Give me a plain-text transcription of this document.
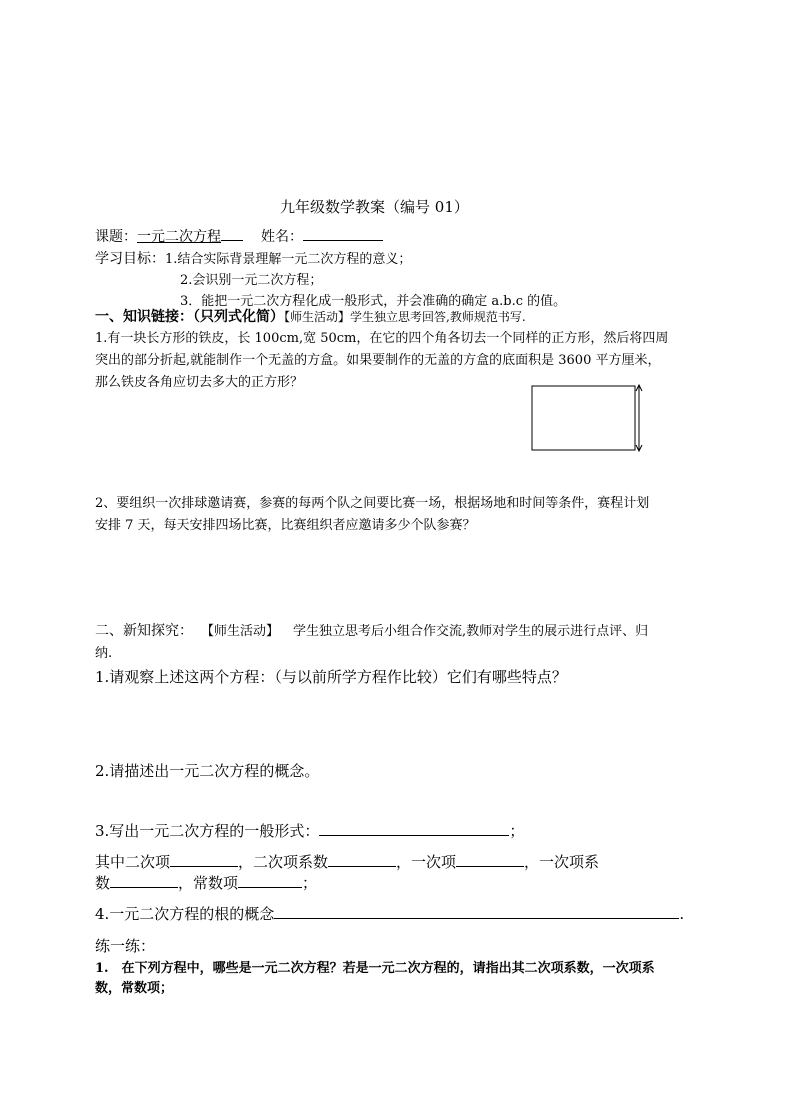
九年级数学教案（编号 01）
课题：一元二次方程	姓名：
学习目标：1.结合实际背景理解一元二次方程的意义；
2.会识别一元二次方程；
3．能把一元二次方程化成一般形式，并会准确的确定 a.b.c 的值。
一、知识链接：（只列式化简）【师生活动】学生独立思考回答,教师规范书写.
1.有一块长方形的铁皮，长 100cm,宽 50cm，在它的四个角各切去一个同样的正方形，然后将四周
突出的部分折起,就能制作一个无盖的方盒。如果要制作的无盖的方盒的底面积是 3600 平方厘米，
那么铁皮各角应切去多大的正方形？
2、要组织一次排球邀请赛，参赛的每两个队之间要比赛一场，根据场地和时间等条件，赛程计划
安排 7 天，每天安排四场比赛，比赛组织者应邀请多少个队参赛？
二、新知探究： 【师生活动】 学生独立思考后小组合作交流,教师对学生的展示进行点评、归
纳.
1.请观察上述这两个方程：（与以前所学方程作比较）它们有哪些特点？
2.请描述出一元二次方程的概念。
3.写出一元二次方程的一般形式：	；
其中二次项	，二次项系数	，一次项	，一次项系
数	，常数项	；
4.一元二次方程的根的概念	.
练一练：
1.　在下列方程中，哪些是一元二次方程？若是一元二次方程的，请指出其二次项系数，一次项系
数，常数项；
